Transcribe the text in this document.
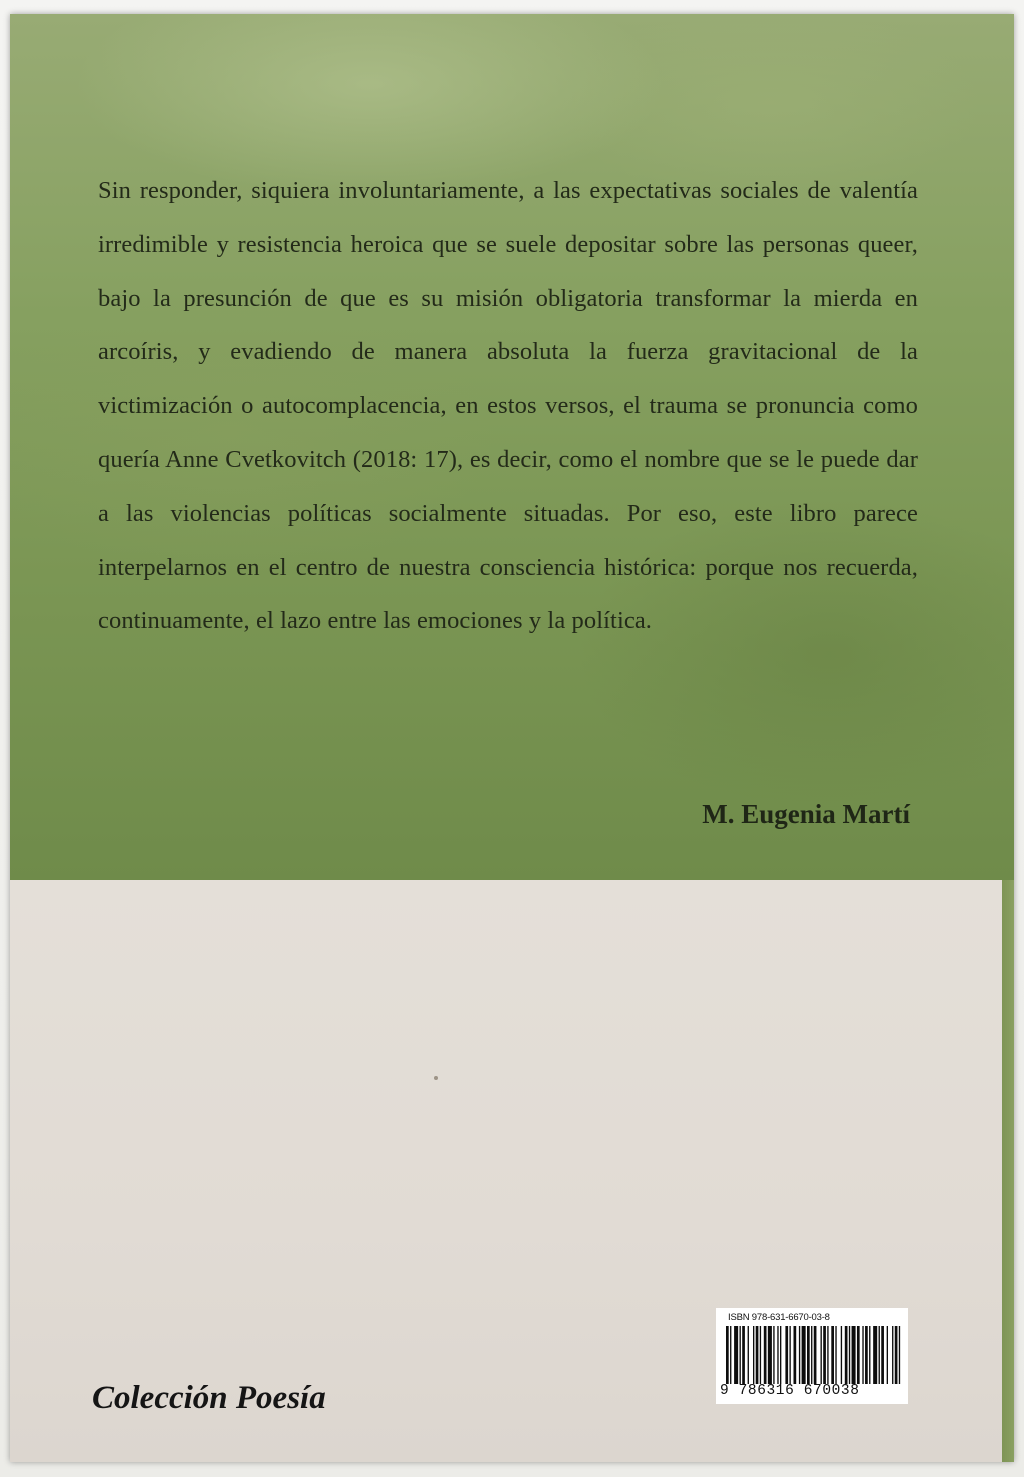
Sin responder, siquiera involuntariamente, a las expectativas sociales de valentía irredimible y resistencia heroica que se suele depositar sobre las personas queer, bajo la presunción de que es su misión obligatoria transformar la mierda en arcoíris, y evadiendo de manera absoluta la fuerza gravitacional de la victimización o autocomplacencia, en estos versos, el trauma se pronuncia como quería Anne Cvetkovitch (2018: 17), es decir, como el nombre que se le puede dar a las violencias políticas socialmente situadas. Por eso, este libro parece interpelarnos en el centro de nuestra consciencia histórica: porque nos recuerda, continuamente, el lazo entre las emociones y la política.

M. Eugenia Martí

Colección Poesía

ISBN 978-631-6670-03-8

9 786316 670038
